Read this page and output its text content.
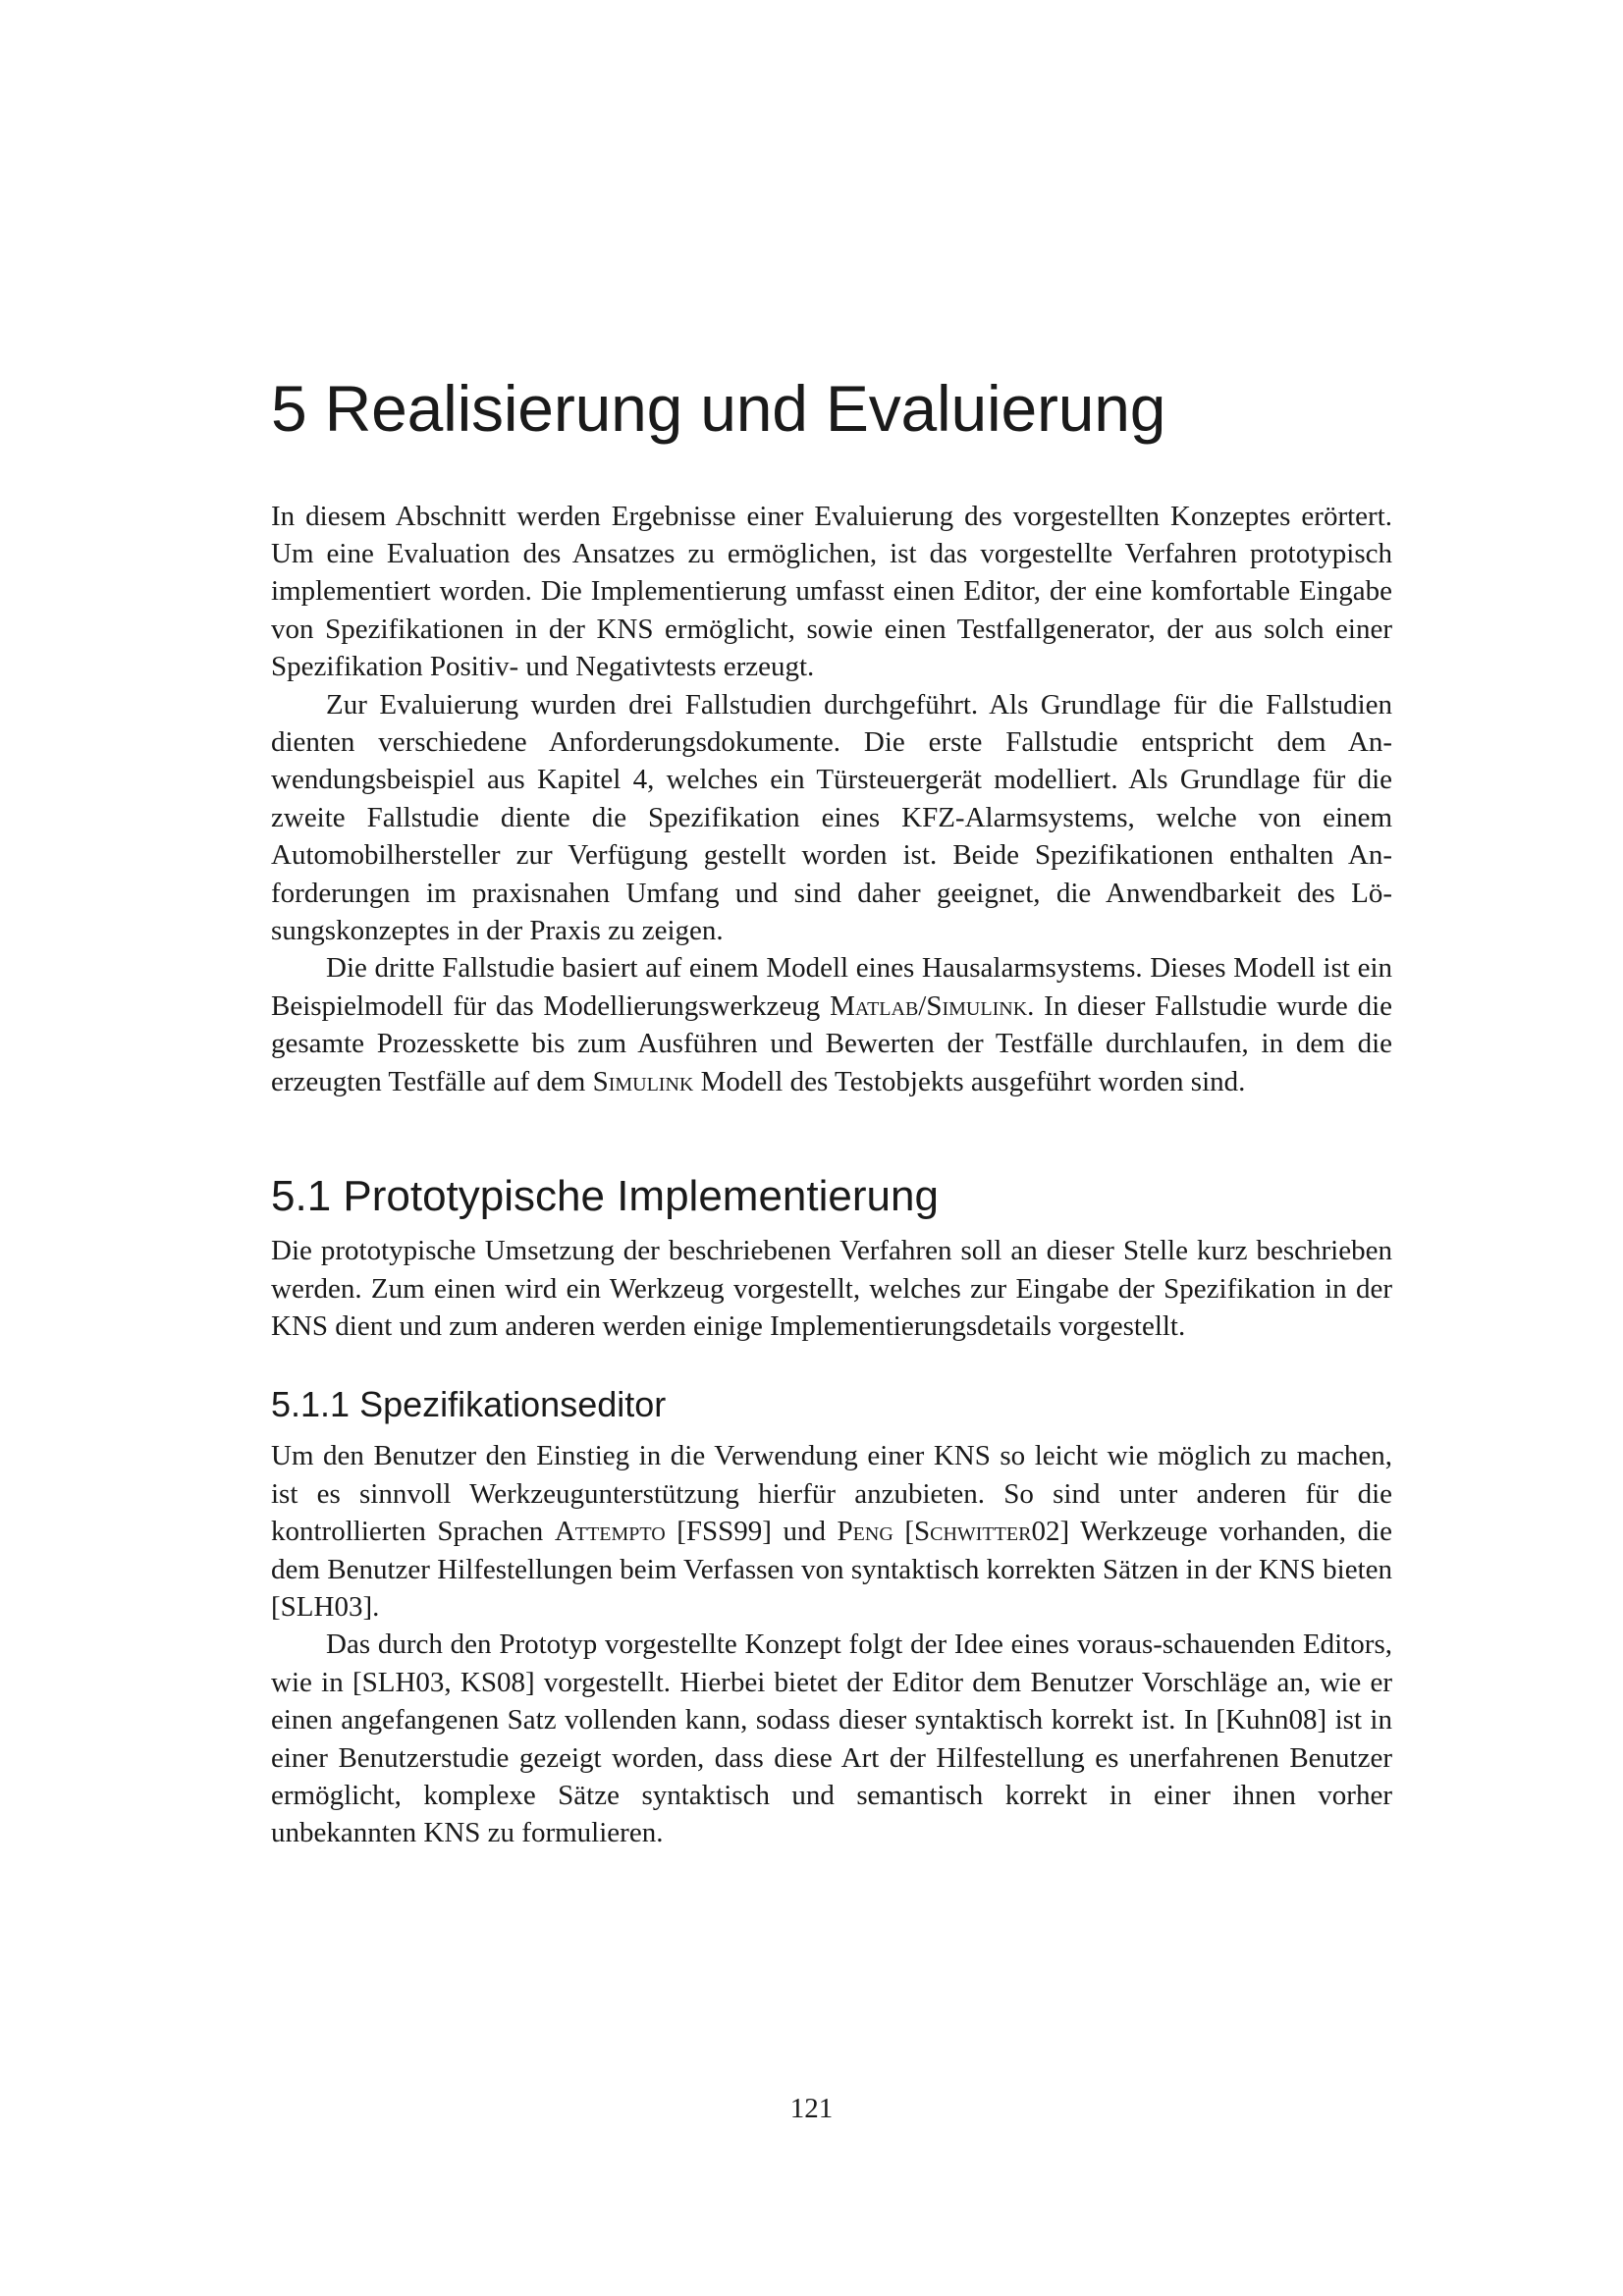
5 Realisierung und Evaluierung

In diesem Abschnitt werden Ergebnisse einer Evaluierung des vorgestellten Konzeptes erörtert. Um eine Evaluation des Ansatzes zu ermöglichen, ist das vorgestellte Verfahren prototypisch implementiert worden. Die Implementierung umfasst einen Editor, der eine komfortable Eingabe von Spezifikationen in der KNS ermöglicht, sowie einen Testfallgenerator, der aus solch einer Spezifikation Positiv- und Negativtests erzeugt.

Zur Evaluierung wurden drei Fallstudien durchgeführt. Als Grundlage für die Fallstudien dienten verschiedene Anforderungsdokumente. Die erste Fallstudie entspricht dem Anwendungsbeispiel aus Kapitel 4, welches ein Türsteuergerät modelliert. Als Grundlage für die zweite Fallstudie diente die Spezifikation eines KFZ-Alarmsystems, welche von einem Automobilhersteller zur Verfügung gestellt worden ist. Beide Spezifikationen enthalten Anforderungen im praxisnahen Umfang und sind daher geeignet, die Anwendbarkeit des Lösungskonzeptes in der Praxis zu zeigen.

Die dritte Fallstudie basiert auf einem Modell eines Hausalarmsystems. Dieses Modell ist ein Beispielmodell für das Modellierungswerkzeug Matlab/Simulink. In dieser Fallstudie wurde die gesamte Prozesskette bis zum Ausführen und Bewerten der Testfälle durchlaufen, in dem die erzeugten Testfälle auf dem Simulink Modell des Testobjekts ausgeführt worden sind.

5.1 Prototypische Implementierung

Die prototypische Umsetzung der beschriebenen Verfahren soll an dieser Stelle kurz beschrieben werden. Zum einen wird ein Werkzeug vorgestellt, welches zur Eingabe der Spezifikation in der KNS dient und zum anderen werden einige Implementierungsdetails vorgestellt.

5.1.1 Spezifikationseditor

Um den Benutzer den Einstieg in die Verwendung einer KNS so leicht wie möglich zu machen, ist es sinnvoll Werkzeugunterstützung hierfür anzubieten. So sind unter anderen für die kontrollierten Sprachen Attempto [FSS99] und Peng [Schwitter02] Werkzeuge vorhanden, die dem Benutzer Hilfestellungen beim Verfassen von syntaktisch korrekten Sätzen in der KNS bieten [SLH03].

Das durch den Prototyp vorgestellte Konzept folgt der Idee eines voraus-schauenden Editors, wie in [SLH03, KS08] vorgestellt. Hierbei bietet der Editor dem Benutzer Vorschläge an, wie er einen angefangenen Satz vollenden kann, sodass dieser syntaktisch korrekt ist. In [Kuhn08] ist in einer Benutzerstudie gezeigt worden, dass diese Art der Hilfestellung es unerfahrenen Benutzer ermöglicht, komplexe Sätze syntaktisch und semantisch korrekt in einer ihnen vorher unbekannten KNS zu formulieren.

121
